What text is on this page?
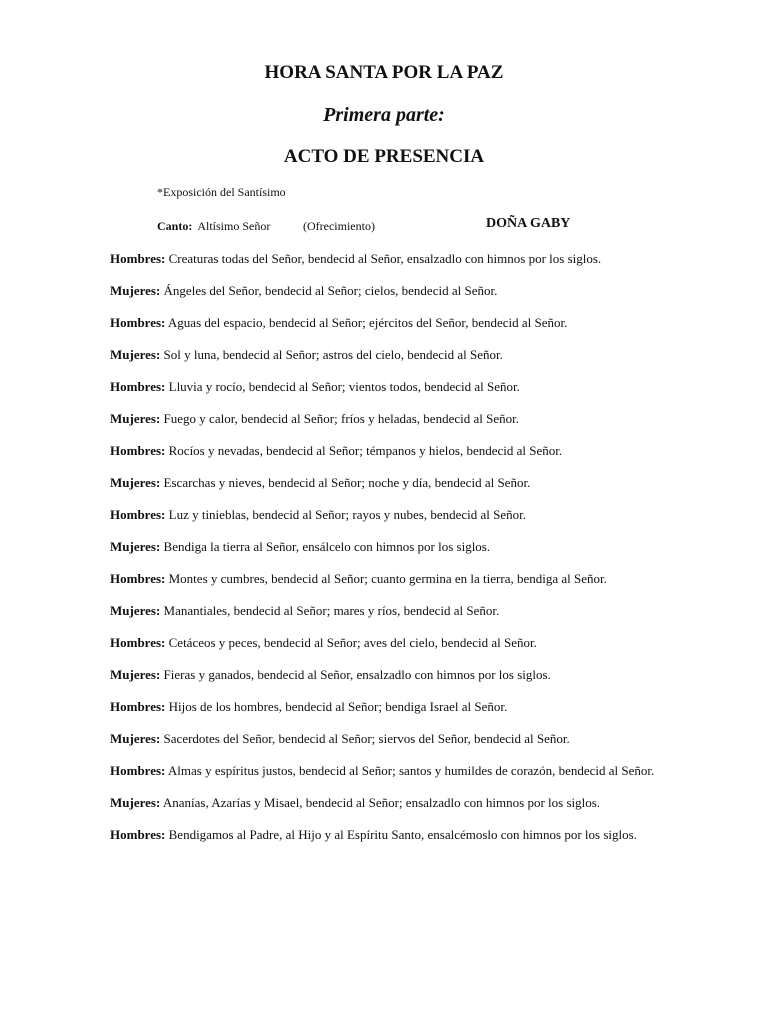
HORA SANTA POR LA PAZ
Primera parte:
ACTO DE PRESENCIA

*Exposición del Santísimo

Canto: Altísimo Señor	(Ofrecimiento)	DOÑA GABY

Hombres: Creaturas todas del Señor, bendecid al Señor, ensalzadlo con himnos por los siglos.

Mujeres: Ángeles del Señor, bendecid al Señor; cielos, bendecid al Señor.

Hombres: Aguas del espacio, bendecid al Señor; ejércitos del Señor, bendecid al Señor.

Mujeres: Sol y luna, bendecid al Señor; astros del cielo, bendecid al Señor.

Hombres: Lluvia y rocío, bendecid al Señor; vientos todos, bendecid al Señor.

Mujeres: Fuego y calor, bendecid al Señor; fríos y heladas, bendecid al Señor.

Hombres: Rocíos y nevadas, bendecid al Señor; témpanos y hielos, bendecid al Señor.

Mujeres: Escarchas y nieves, bendecid al Señor; noche y día, bendecid al Señor.

Hombres: Luz y tinieblas, bendecid al Señor; rayos y nubes, bendecid al Señor.

Mujeres: Bendiga la tierra al Señor, ensálcelo con himnos por los siglos.

Hombres: Montes y cumbres, bendecid al Señor; cuanto germina en la tierra, bendiga al Señor.

Mujeres: Manantiales, bendecid al Señor; mares y ríos, bendecid al Señor.

Hombres: Cetáceos y peces, bendecid al Señor; aves del cielo, bendecid al Señor.

Mujeres: Fieras y ganados, bendecid al Señor, ensalzadlo con himnos por los siglos.

Hombres: Hijos de los hombres, bendecid al Señor; bendiga Israel al Señor.

Mujeres: Sacerdotes del Señor, bendecid al Señor; siervos del Señor, bendecid al Señor.

Hombres: Almas y espíritus justos, bendecid al Señor; santos y humildes de corazón, bendecid al Señor.

Mujeres: Ananías, Azarías y Misael, bendecid al Señor; ensalzadlo con himnos por los siglos.

Hombres: Bendigamos al Padre, al Hijo y al Espíritu Santo, ensalcémoslo con himnos por los siglos.
